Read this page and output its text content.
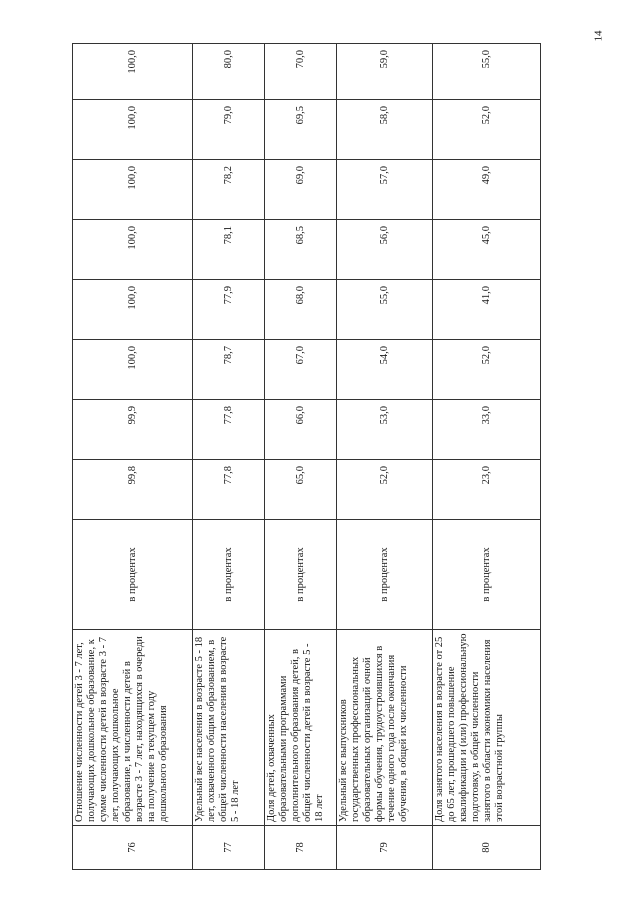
14
76	Отношение численности детей 3 - 7 лет, получающих дошкольное образование, к сумме численности детей в возрасте 3 - 7 лет, получающих дошкольное образование, и численности детей в возрасте 3 - 7 лет, находящихся в очереди на получение в текущем году дошкольного образования	в процентах	99,8	99,9	100,0	100,0	100,0	100,0	100,0	100,0
77	Удельный вес населения в возрасте 5 - 18 лет, охваченного общим образованием, в общей численности населения в возрасте 5 - 18 лет	в процентах	77,8	77,8	78,7	77,9	78,1	78,2	79,0	80,0
78	Доля детей, охваченных образовательными программами дополнительного образования детей, в общей численности детей в возрасте 5 - 18 лет	в процентах	65,0	66,0	67,0	68,0	68,5	69,0	69,5	70,0
79	Удельный вес выпускников государственных профессиональных образовательных организаций очной формы обучения, трудоустроившихся в течение одного года после окончания обучения, в общей их численности	в процентах	52,0	53,0	54,0	55,0	56,0	57,0	58,0	59,0
80	Доля занятого населения в возрасте от 25 до 65 лет, прошедшего повышение квалификации и (или) профессиональную подготовку, в общей численности занятого в области экономики населения этой возрастной группы	в процентах	23,0	33,0	52,0	41,0	45,0	49,0	52,0	55,0
